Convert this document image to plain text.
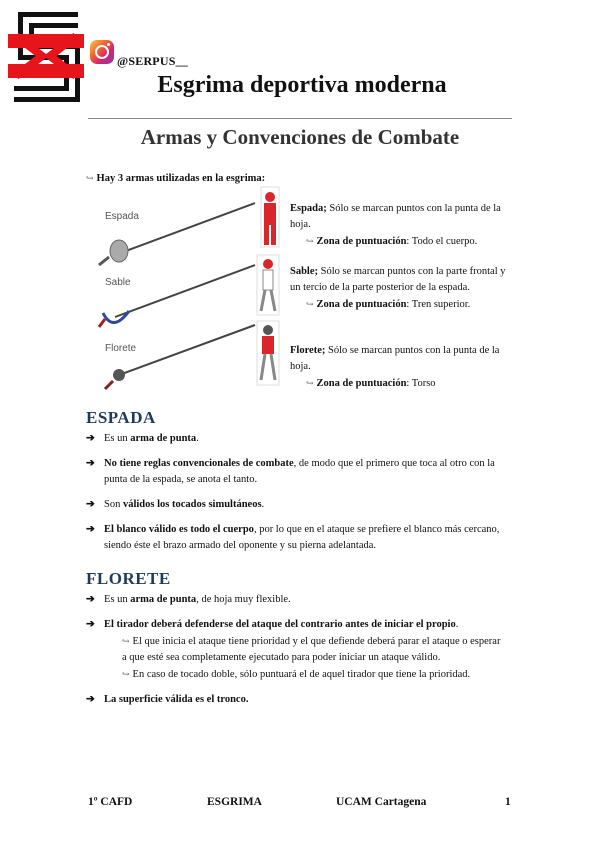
@SERPUS__
Esgrima deportiva moderna
Armas y Convenciones de Combate
↪ Hay 3 armas utilizadas en la esgrima:
Espada
Sable
Florete
Espada; Sólo se marcan puntos con la punta de la hoja.
↪ Zona de puntuación: Todo el cuerpo.
Sable; Sólo se marcan puntos con la parte frontal y un tercio de la parte posterior de la espada.
↪ Zona de puntuación: Tren superior.
Florete; Sólo se marcan puntos con la punta de la hoja.
↪ Zona de puntuación: Torso
ESPADA
➔ Es un arma de punta.
➔ No tiene reglas convencionales de combate, de modo que el primero que toca al otro con la punta de la espada, se anota el tanto.
➔ Son válidos los tocados simultáneos.
➔ El blanco válido es todo el cuerpo, por lo que en el ataque se prefiere el blanco más cercano, siendo éste el brazo armado del oponente y su pierna adelantada.
FLORETE
➔ Es un arma de punta, de hoja muy flexible.
➔ El tirador deberá defenderse del ataque del contrario antes de iniciar el propio.
↪ El que inicia el ataque tiene prioridad y el que defiende deberá parar el ataque o esperar a que esté sea completamente ejecutado para poder iniciar un ataque válido.
↪ En caso de tocado doble, sólo puntuará el de aquel tirador que tiene la prioridad.
➔ La superficie válida es el tronco.
1º CAFD	ESGRIMA	UCAM Cartagena	1
